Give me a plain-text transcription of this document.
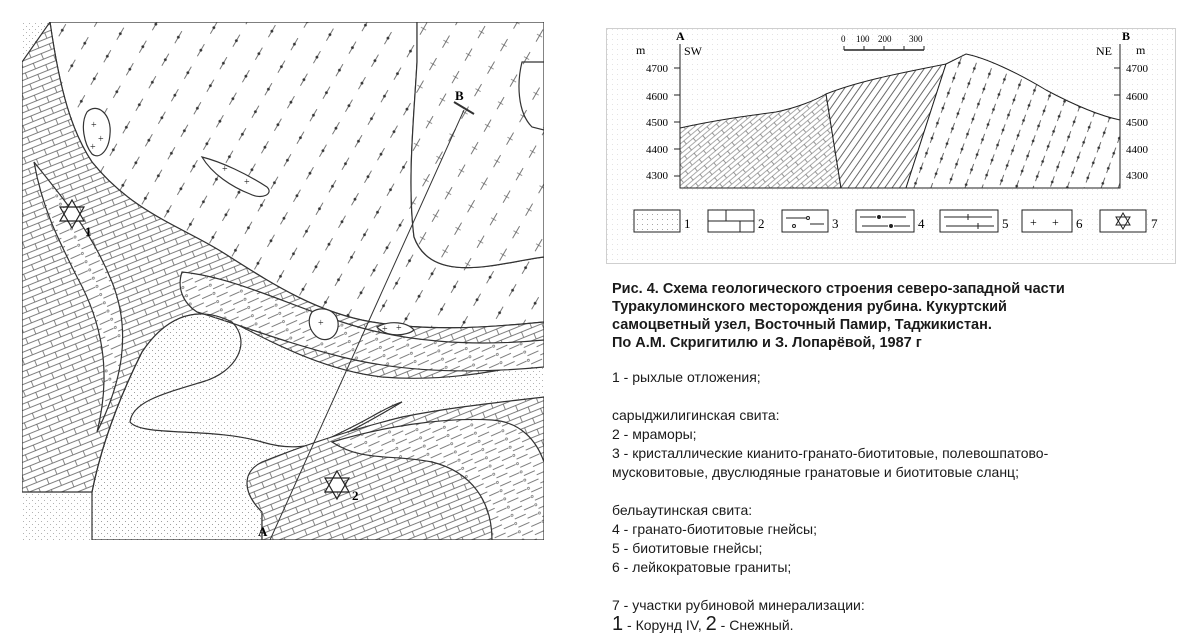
+
+
+
+
+
+
+ +
B
A
1
2
A
SW
m
B
NE m
0 100 200 300
4700
4600
4500
4400
4300
4700
4600
4500
4400
4300
1	2	3	4	5 + + 6	7

Рис. 4. Схема геологического строения северо-западной части

Туракуломинского месторождения рубина. Кукуртский

самоцветный узел, Восточный Памир, Таджикистан.

По А.М. Скригитилю и З. Лопарёвой, 1987 г

1 - рыхлые отложения;

сарыджилигинская свита:

2 - мраморы;

3 - кристаллические кианито-гранато-биотитовые, полевошпатово-

мусковитовые, двуслюдяные гранатовые и биотитовые сланц;

бельаутинская свита:

4 - гранато-биотитовые гнейсы;

5 - биотитовые гнейсы;

6 - лейкократовые граниты;

7 - участки рубиновой минерализации:

1 - Корунд IV, 2 - Снежный.
